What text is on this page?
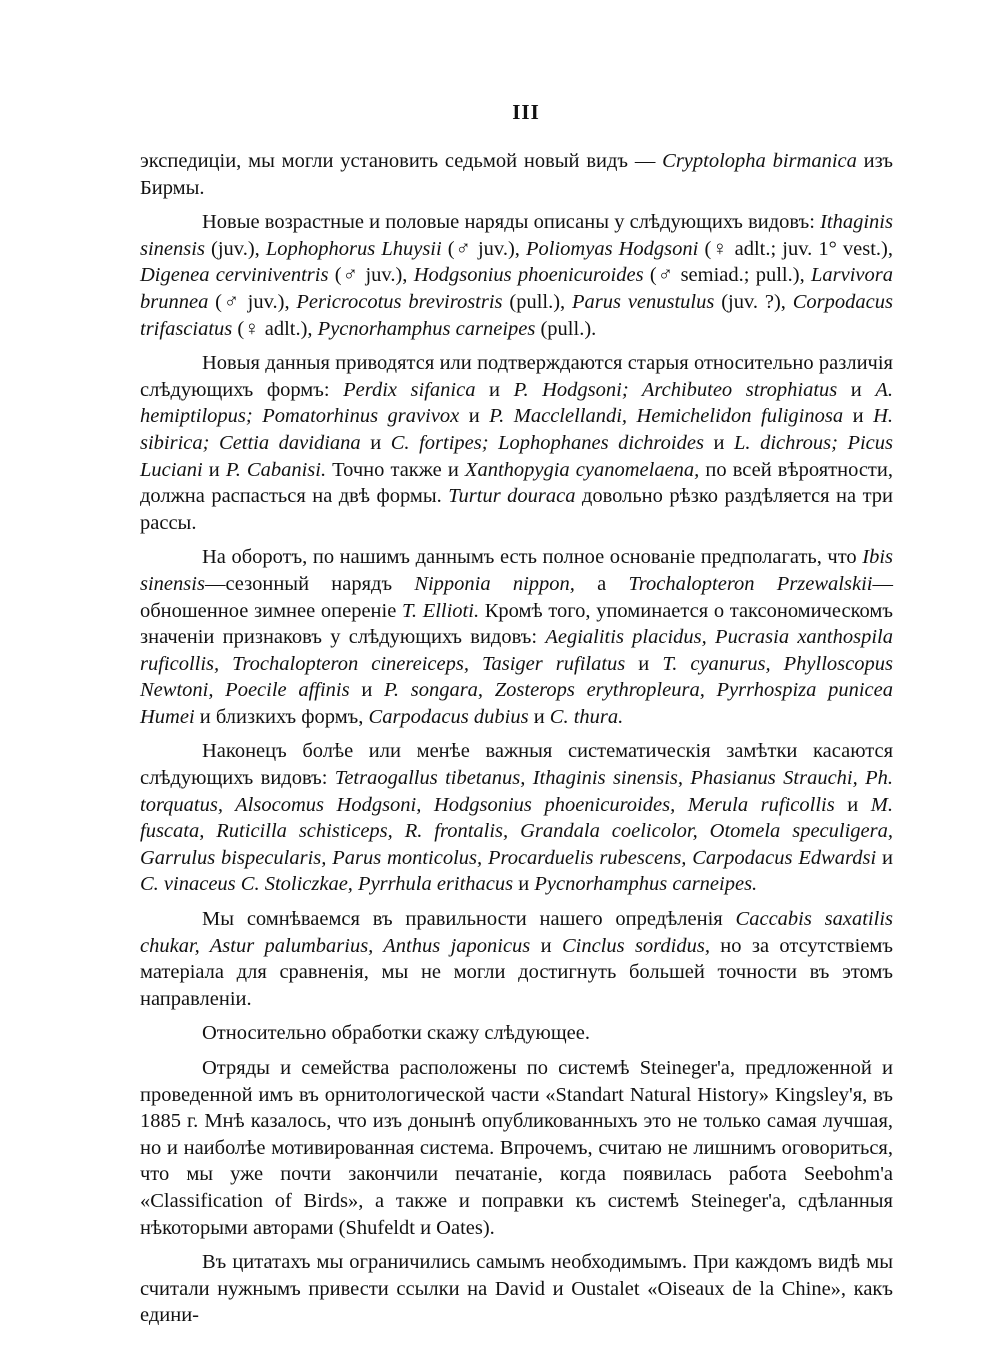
III

экспедиціи, мы могли установить седьмой новый видъ — Cryptolopha birmanica изъ Бирмы.

Новые возрастные и половые наряды описаны у слѣдующихъ видовъ: Ithaginis sinensis (juv.), Lophophorus Lhuysii (♂ juv.), Poliomyas Hodgsoni (♀ adlt.; juv. 1° vest.), Digenea cervinіventris (♂ juv.), Hodgsonius phoenicuroides (♂ semiad.; pull.), Larvivora brunnea (♂ juv.), Pericrocotus brevirostris (pull.), Parus venustulus (juv. ?), Corpodacus trifasciatus (♀ adlt.), Pycnorhamphus carneipes (pull.).

Новыя данныя приводятся или подтверждаются старыя относительно различія слѣдующихъ формъ: Perdix sifanica и P. Hodgsoni; Archibuteo strophiatus и A. hemiptilopus; Pomatorhinus gravivox и P. Macclellandi, Hemichelidon fuliginosa и H. sibirica; Cettia davidiana и C. fortipes; Lophophanes dichroides и L. dichrous; Picus Luciani и P. Cabanisi. Точно также и Xanthopygia cyanomelaena, по всей вѣроятности, должна распасться на двѣ формы. Turtur douraca довольно рѣзко раздѣляется на три рассы.

На оборотъ, по нашимъ даннымъ есть полное основаніе предполагать, что Ibis sinensis—сезонный нарядъ Nipponia nippon, а Trochalopteron Przewalskii—обношенное зимнее опереніе T. Ellioti. Кромѣ того, упоминается о таксономическомъ значеніи признаковъ у слѣдующихъ видовъ: Aegialitis placidus, Pucrasia xanthospila ruficollis, Trochalopteron cinereiceps, Tasiger rufilatus и T. cyanurus, Phylloscopus Newtoni, Poecile affinis и P. songara, Zosterops erythropleura, Pyrrhospiza punicea Humei и близкихъ формъ, Carpodacus dubius и C. thura.

Наконецъ болѣе или менѣе важныя систематическія замѣтки касаются слѣдующихъ видовъ: Tetraogallus tibetanus, Ithaginis sinensis, Phasianus Strauchi, Ph. torquatus, Alsocomus Hodgsoni, Hodgsonius phoenicuroides, Merula ruficollis и M. fuscata, Ruticilla schisticeps, R. frontalis, Grandala coelicolor, Otomela speculigera, Garrulus bispecularis, Parus monticolus, Procarduelis rubescens, Carpodacus Edwardsi и C. vinaceus C. Stoliczkae, Pyrrhula erithacus и Pycnorhamphus carneipes.

Мы сомнѣваемся въ правильности нашего опредѣленія Caccabis saxatilis chukar, Astur palumbarius, Anthus japonicus и Cinclus sordidus, но за отсутствіемъ матеріала для сравненія, мы не могли достигнуть большей точности въ этомъ направленіи.

Относительно обработки скажу слѣдующее.

Отряды и семейства расположены по системѣ Steineger'а, предложенной и проведенной имъ въ орнитологической части «Standart Natural History» Kingsley'я, въ 1885 г. Мнѣ казалось, что изъ донынѣ опубликованныхъ это не только самая лучшая, но и наиболѣе мотивированная система. Впрочемъ, считаю не лишнимъ оговориться, что мы уже почти закончили печатаніе, когда появилась работа Seebohm'a «Classification of Birds», а также и поправки къ системѣ Steineger'а, сдѣланныя нѣкоторыми авторами (Shufeldt и Oates).

Въ цитатахъ мы ограничились самымъ необходимымъ. При каждомъ видѣ мы считали нужнымъ привести ссылки на David и Oustalet «Oiseaux de la Chine», какъ едини-
